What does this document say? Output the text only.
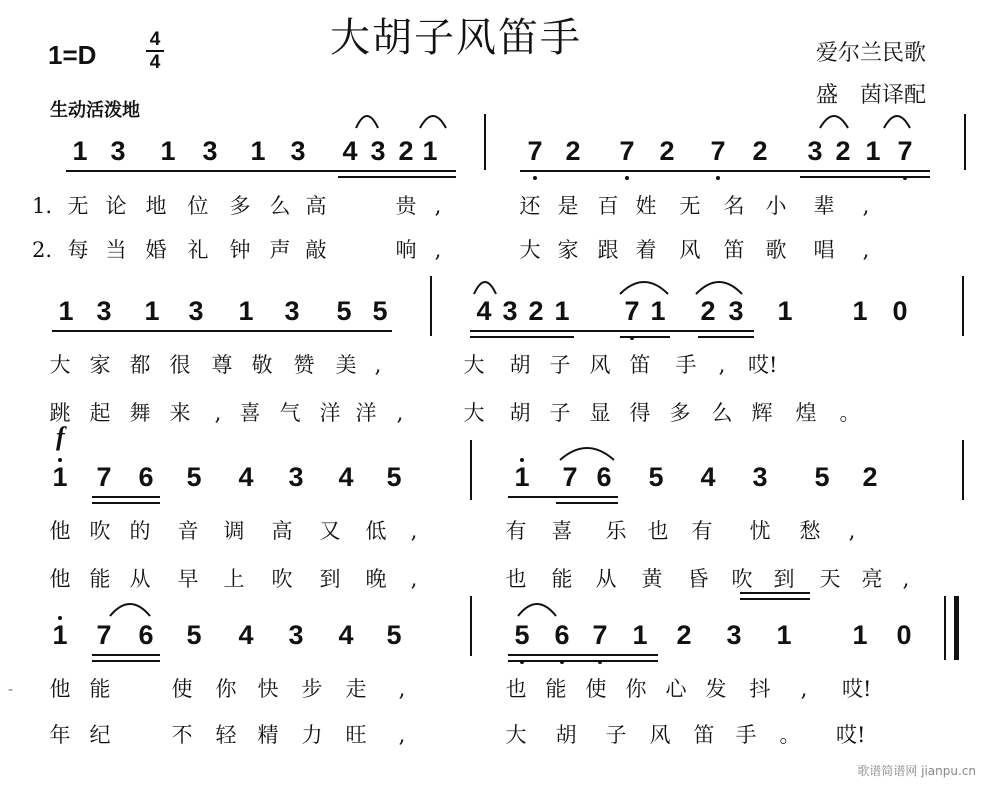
大胡子风笛手
1=D
4
4
生动活泼地
爱尔兰民歌
盛　茵译配
f
-
1 3 1 3 1 3 4 3 2 1	7 2 7 2 7 2 3 2 1 7
1. 无 论 地 位 多 么 高	贵 ,	还 是 百 姓 无 名 小 辈	,
2. 每 当 婚 礼 钟 声 敲	响 ,	大 家 跟 着 风 笛 歌 唱	,
1 3 1 3 1 3 5 5	4 3 2 1 7 1 2 3 1 1 0
大 家 都 很 尊 敬 赞 美 ,	大 胡 子 风 笛 手	,	哎!
跳 起 舞 来	, 喜 气 洋 洋 ,	大 胡 子 显 得 多 么 辉 煌 。
1 7 6 5 4 3 4 5	1 7 6 5 4 3 5 2
他 吹 的 音 调 高 又 低	,	有 喜 乐 也 有 忧 愁	,
他 能 从 早 上 吹 到 晚	,	也 能 从 黄 昏 吹 到 天 亮 ,
1 7 6 5 4 3 4 5	5 6 7 1 2 3 1 1 0
他 能	使 你 快 步 走	,	也 能 使 你 心 发 抖	,	哎!
年 纪	不 轻 精 力 旺	,	大 胡 子 风 笛 手 。 哎!
歌谱简谱网 jianpu.cn
